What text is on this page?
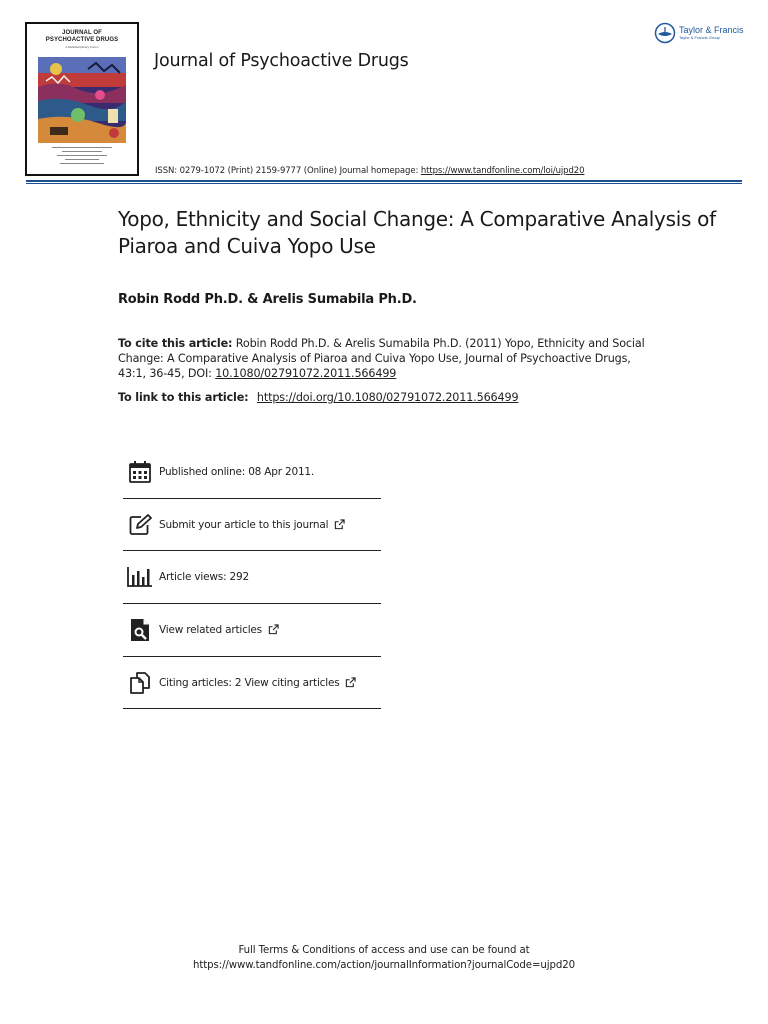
JOURNAL OF
PSYCHOACTIVE DRUGS
A Multidisciplinary Forum
Journal of Psychoactive Drugs
Taylor & Francis
Taylor & Francis Group
ISSN: 0279-1072 (Print) 2159-9777 (Online) Journal homepage: https://www.tandfonline.com/loi/ujpd20
Yopo, Ethnicity and Social Change: A Comparative Analysis of Piaroa and Cuiva Yopo Use
Robin Rodd Ph.D. & Arelis Sumabila Ph.D.
To cite this article: Robin Rodd Ph.D. & Arelis Sumabila Ph.D. (2011) Yopo, Ethnicity and Social Change: A Comparative Analysis of Piaroa and Cuiva Yopo Use, Journal of Psychoactive Drugs, 43:1, 36-45, DOI: 10.1080/02791072.2011.566499
To link to this article: https://doi.org/10.1080/02791072.2011.566499
Published online: 08 Apr 2011.
Submit your article to this journal
Article views: 292
View related articles
Citing articles: 2 View citing articles
Full Terms & Conditions of access and use can be found at
https://www.tandfonline.com/action/journalInformation?journalCode=ujpd20
